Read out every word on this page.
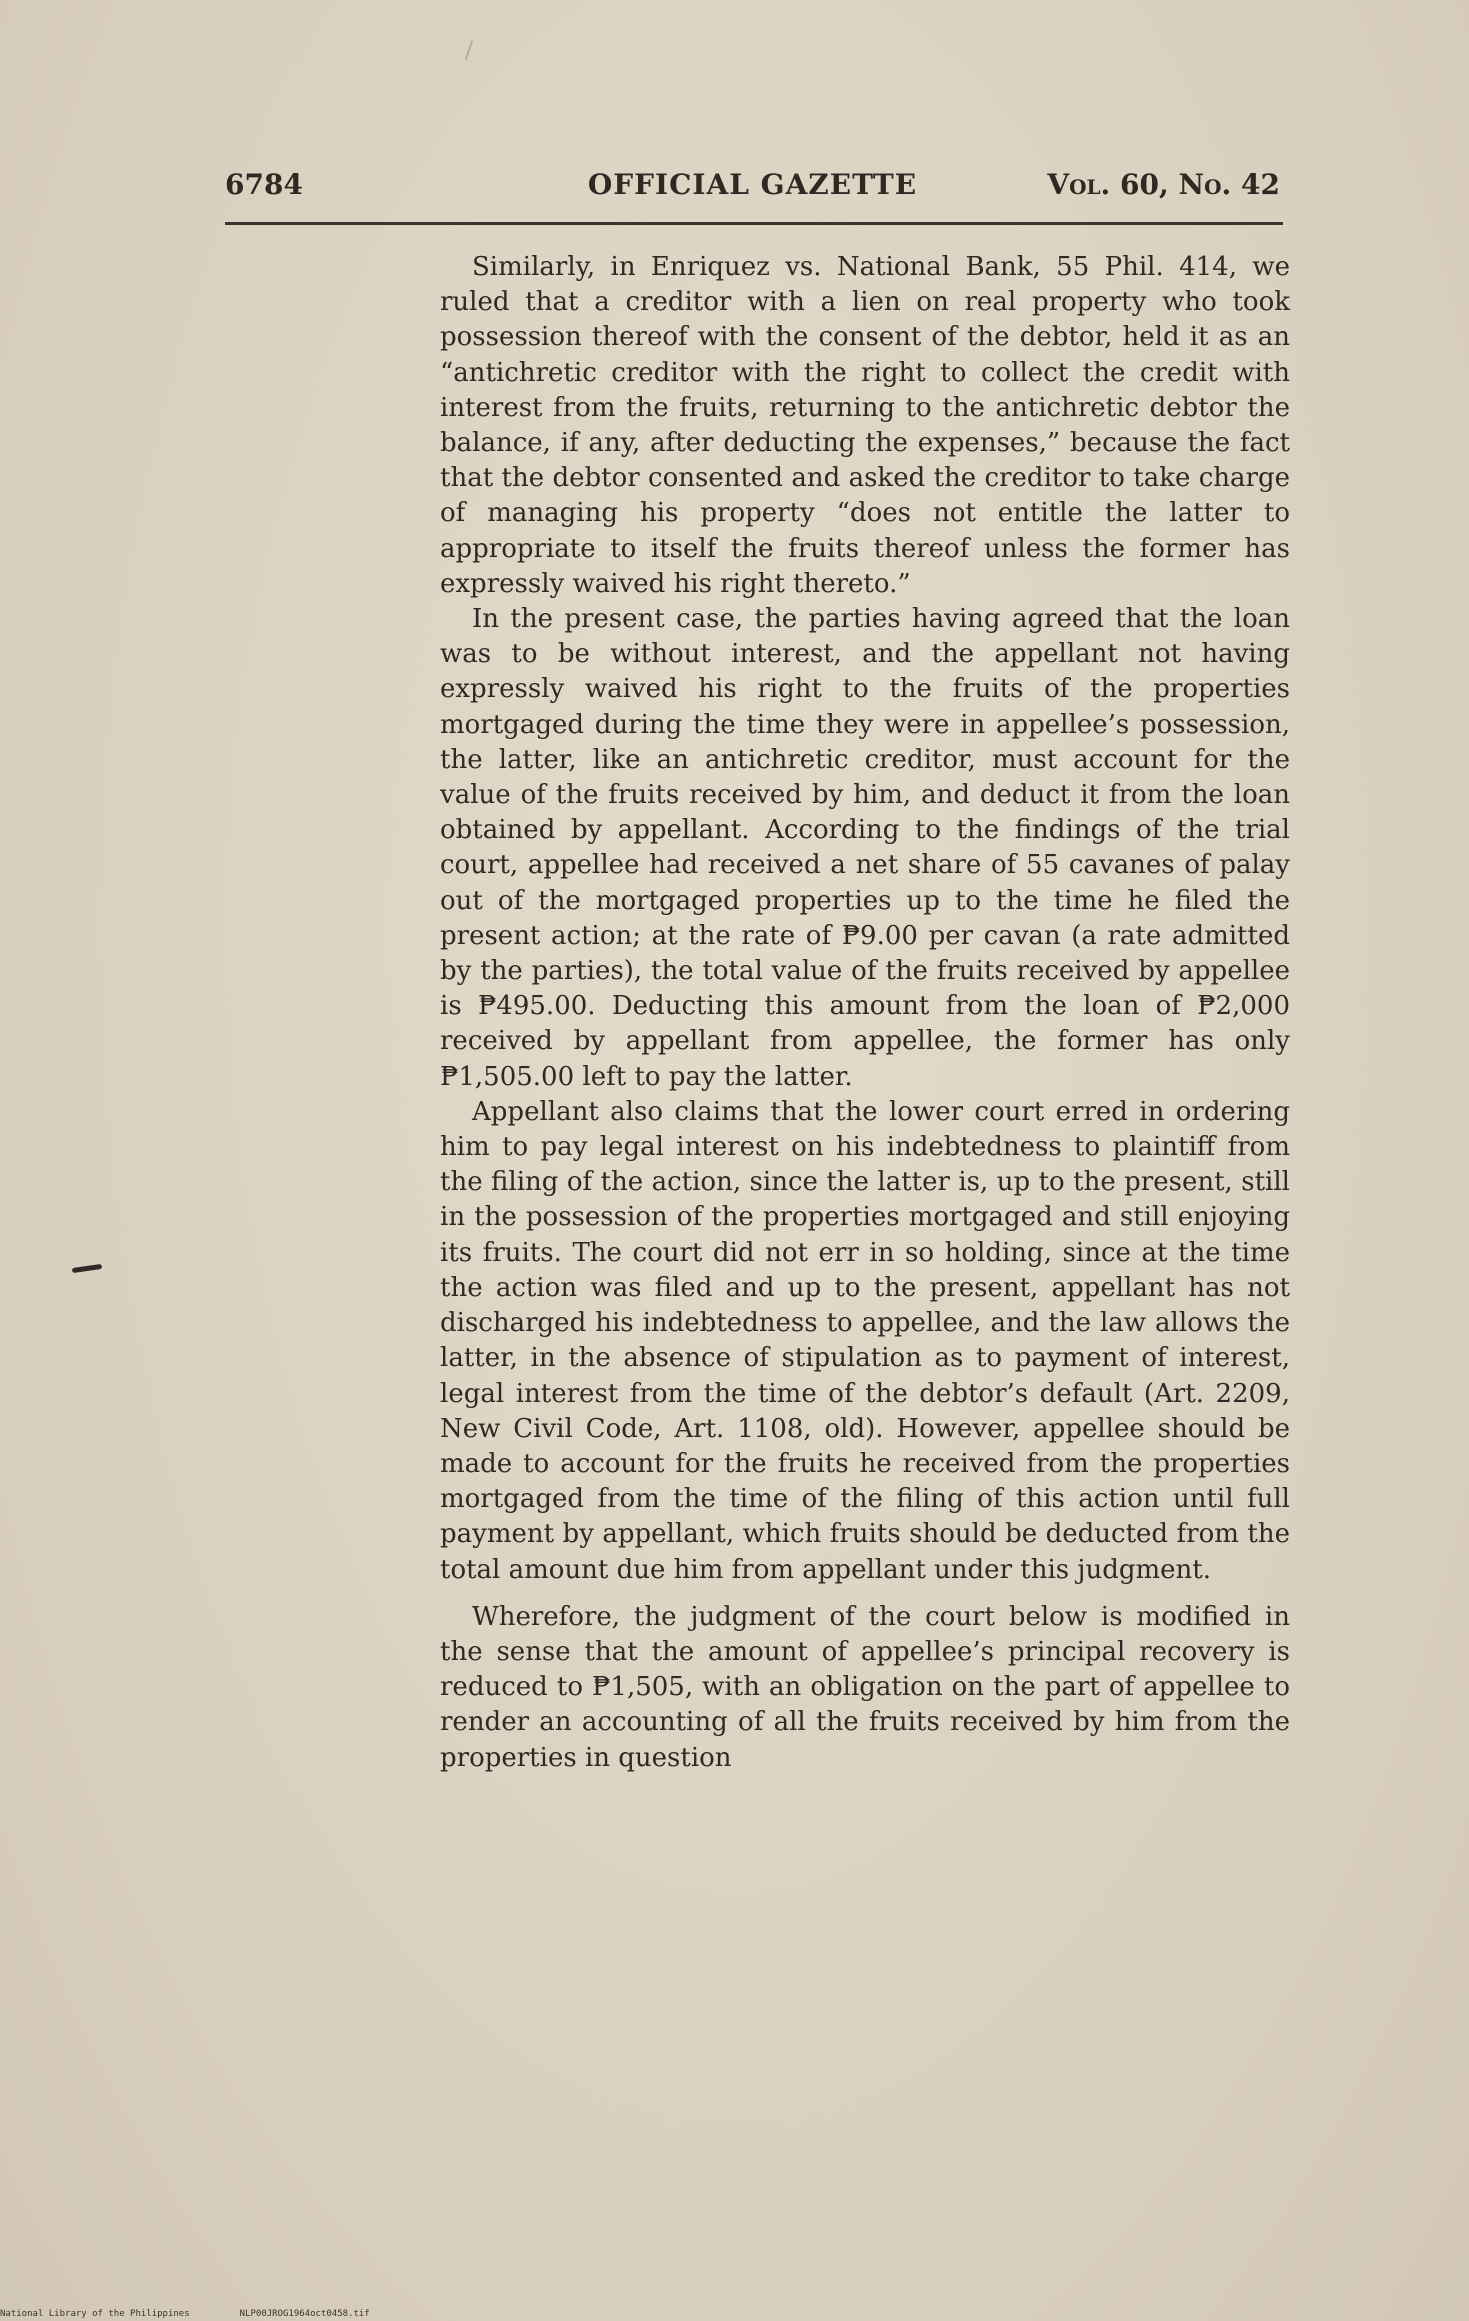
6784	OFFICIAL GAZETTE	Vol. 60, No. 42

Similarly, in Enriquez vs. National Bank, 55 Phil. 414, we ruled that a creditor with a lien on real property who took possession thereof with the consent of the debtor, held it as an “antichretic creditor with the right to collect the credit with interest from the fruits, returning to the antichretic debtor the balance, if any, after deducting the expenses,” because the fact that the debtor consented and asked the creditor to take charge of managing his property “does not entitle the latter to appropriate to itself the fruits thereof unless the former has expressly waived his right thereto.”

In the present case, the parties having agreed that the loan was to be without interest, and the appellant not having expressly waived his right to the fruits of the properties mortgaged during the time they were in appellee’s possession, the latter, like an antichretic creditor, must account for the value of the fruits received by him, and deduct it from the loan obtained by appellant. According to the findings of the trial court, appellee had received a net share of 55 cavanes of palay out of the mortgaged properties up to the time he filed the present action; at the rate of ₱9.00 per cavan (a rate admitted by the parties), the total value of the fruits received by appellee is ₱495.00. Deducting this amount from the loan of ₱2,000 received by appellant from appellee, the former has only ₱1,505.00 left to pay the latter.

Appellant also claims that the lower court erred in ordering him to pay legal interest on his indebtedness to plaintiff from the filing of the action, since the latter is, up to the present, still in the possession of the properties mortgaged and still enjoying its fruits. The court did not err in so holding, since at the time the action was filed and up to the present, appellant has not discharged his indebtedness to appellee, and the law allows the latter, in the absence of stipulation as to payment of interest, legal interest from the time of the debtor’s default (Art. 2209, New Civil Code, Art. 1108, old). However, appellee should be made to account for the fruits he received from the properties mortgaged from the time of the filing of this action until full payment by appellant, which fruits should be deducted from the total amount due him from appellant under this judgment.

Wherefore, the judgment of the court below is modified in the sense that the amount of appellee’s principal recovery is reduced to ₱1,505, with an obligation on the part of appellee to render an accounting of all the fruits received by him from the properties in question

National Library of the Philippines	NLP00JROG1964oct0458.tif
